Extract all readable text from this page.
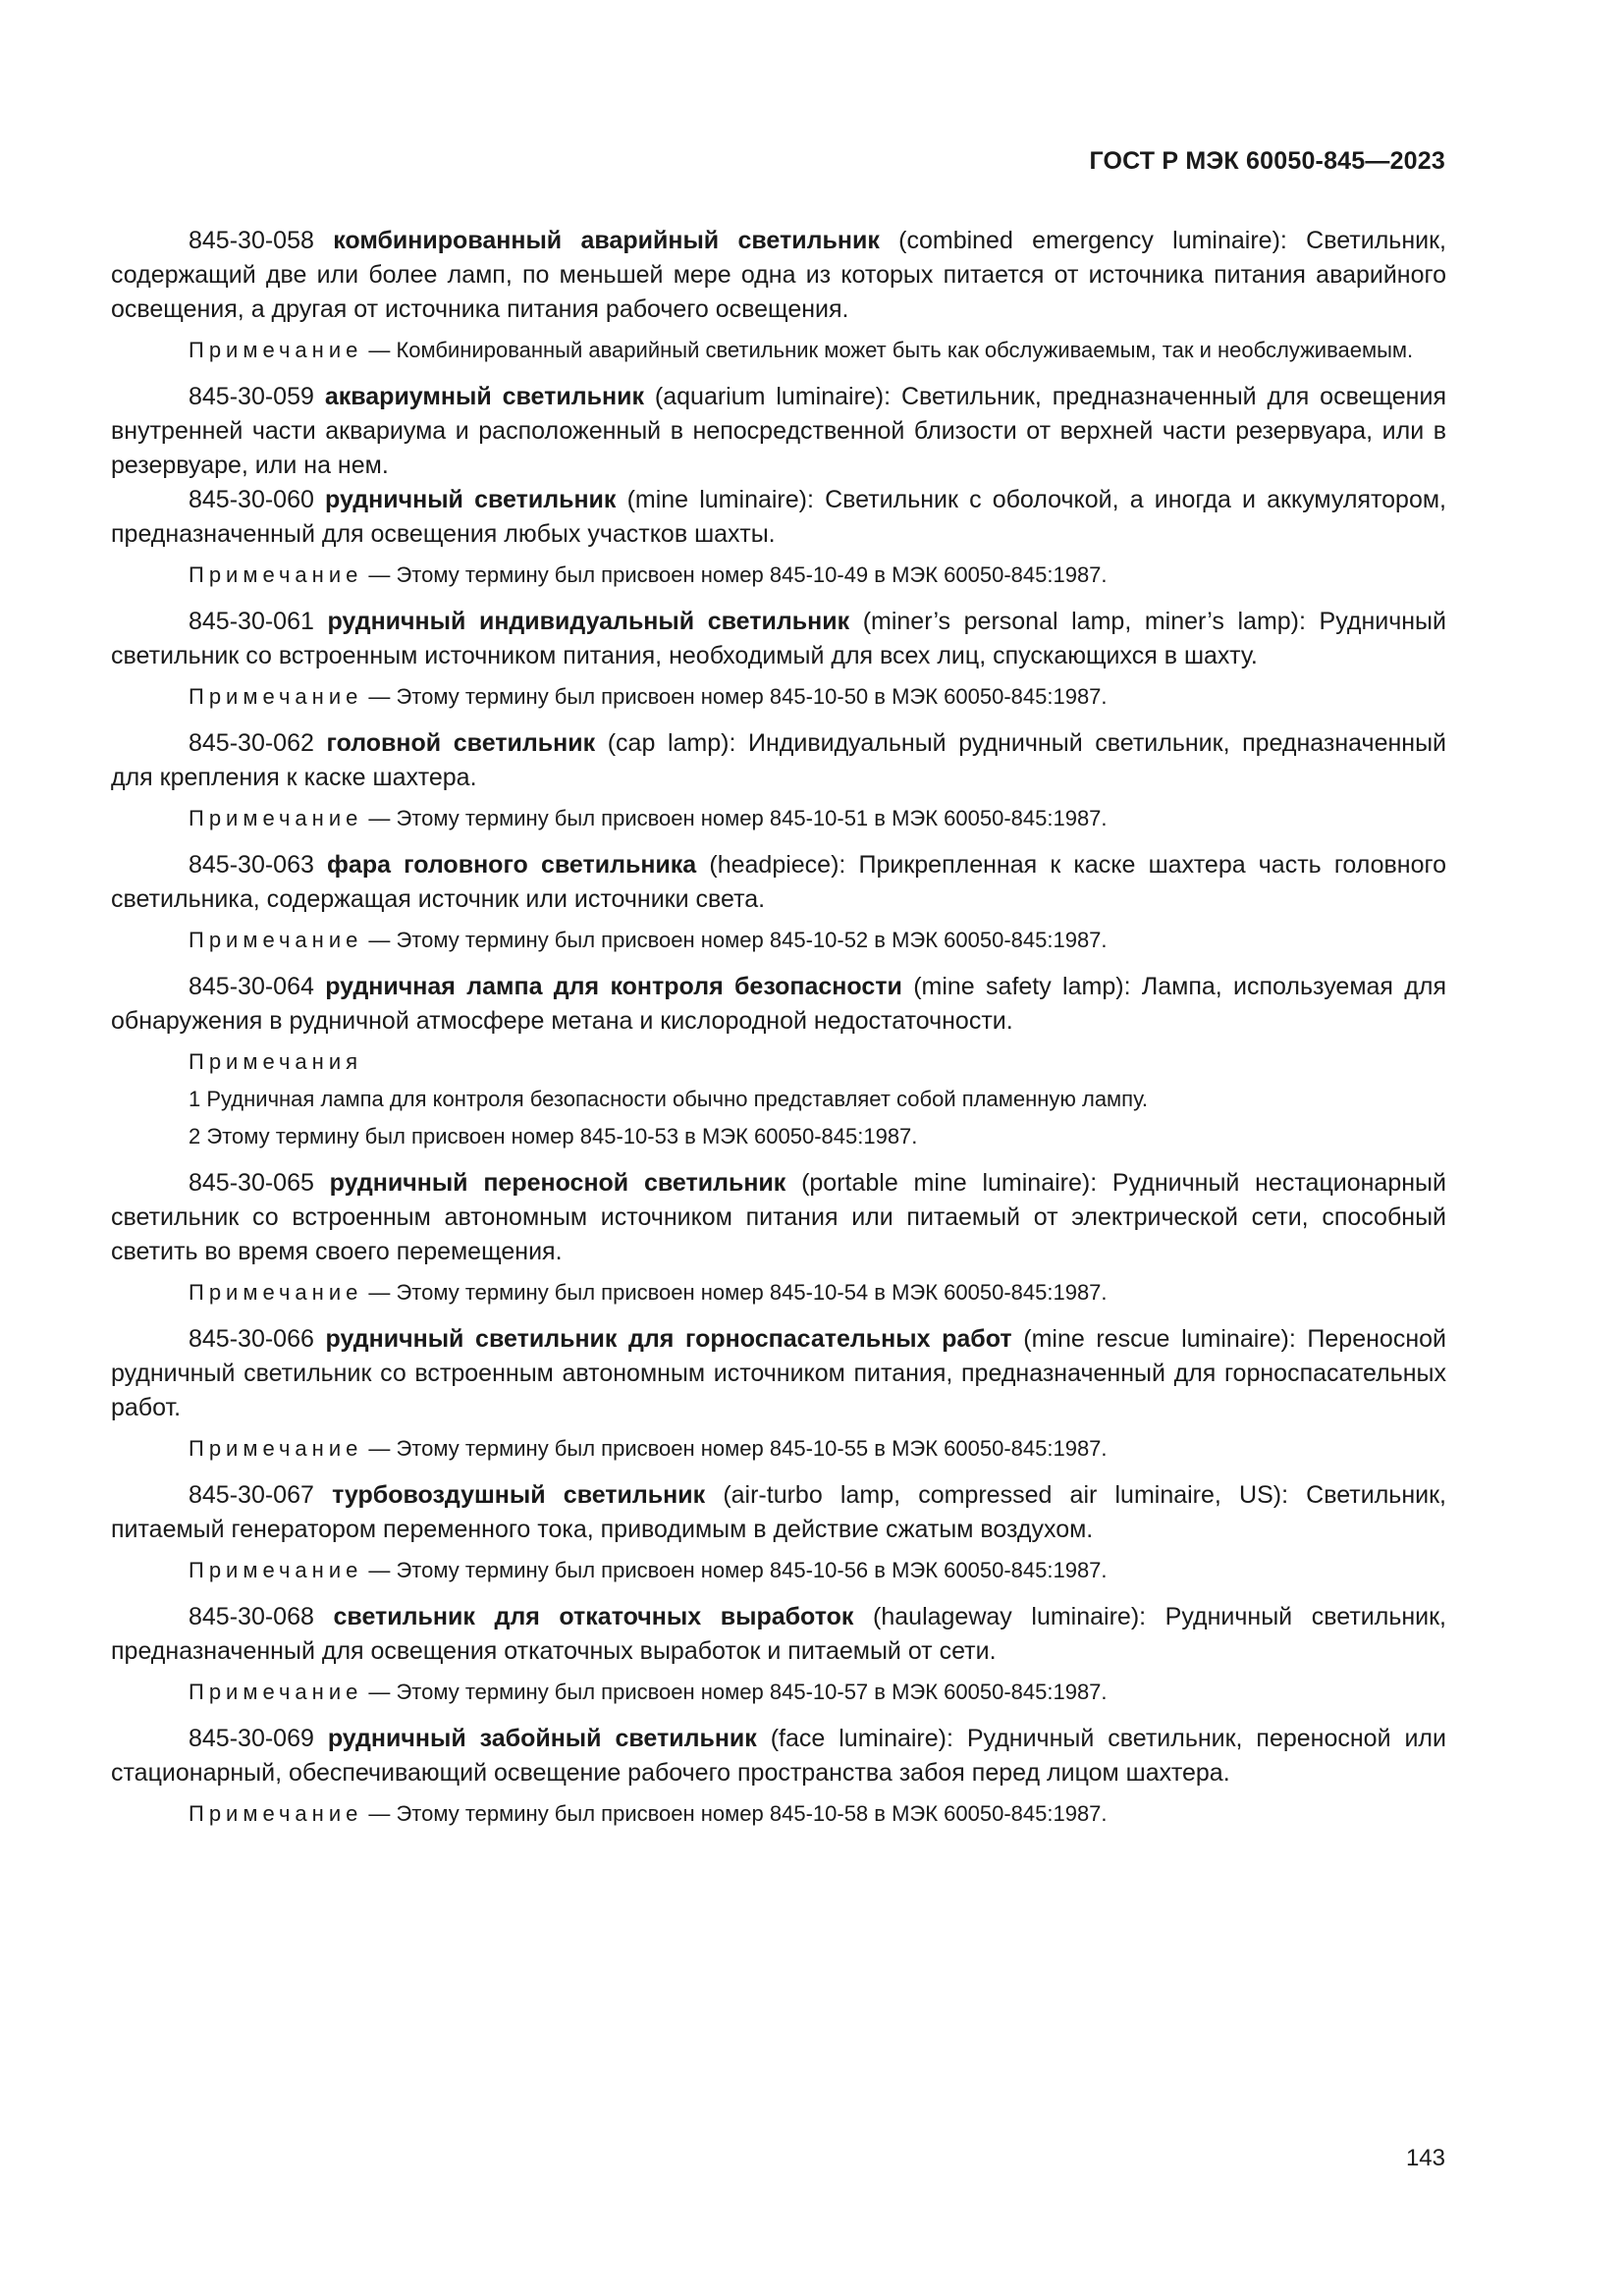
ГОСТ Р МЭК 60050-845—2023

845-30-058 комбинированный аварийный светильник (combined emergency luminaire): Светильник, содержащий две или более ламп, по меньшей мере одна из которых питается от источника питания аварийного освещения, а другая от источника питания рабочего освещения.

Примечание — Комбинированный аварийный светильник может быть как обслуживаемым, так и необслуживаемым.

845-30-059 аквариумный светильник (aquarium luminaire): Светильник, предназначенный для освещения внутренней части аквариума и расположенный в непосредственной близости от верхней части резервуара, или в резервуаре, или на нем.

845-30-060 рудничный светильник (mine luminaire): Светильник с оболочкой, а иногда и аккумулятором, предназначенный для освещения любых участков шахты.

Примечание — Этому термину был присвоен номер 845-10-49 в МЭК 60050-845:1987.

845-30-061 рудничный индивидуальный светильник (miner’s personal lamp, miner’s lamp): Рудничный светильник со встроенным источником питания, необходимый для всех лиц, спускающихся в шахту.

Примечание — Этому термину был присвоен номер 845-10-50 в МЭК 60050-845:1987.

845-30-062 головной светильник (cap lamp): Индивидуальный рудничный светильник, предназначенный для крепления к каске шахтера.

Примечание — Этому термину был присвоен номер 845-10-51 в МЭК 60050-845:1987.

845-30-063 фара головного светильника (headpiece): Прикрепленная к каске шахтера часть головного светильника, содержащая источник или источники света.

Примечание — Этому термину был присвоен номер 845-10-52 в МЭК 60050-845:1987.

845-30-064 рудничная лампа для контроля безопасности (mine safety lamp): Лампа, используемая для обнаружения в рудничной атмосфере метана и кислородной недостаточности.

Примечания

1 Рудничная лампа для контроля безопасности обычно представляет собой пламенную лампу.

2 Этому термину был присвоен номер 845-10-53 в МЭК 60050-845:1987.

845-30-065 рудничный переносной светильник (portable mine luminaire): Рудничный нестационарный светильник со встроенным автономным источником питания или питаемый от электрической сети, способный светить во время своего перемещения.

Примечание — Этому термину был присвоен номер 845-10-54 в МЭК 60050-845:1987.

845-30-066 рудничный светильник для горноспасательных работ (mine rescue luminaire): Переносной рудничный светильник со встроенным автономным источником питания, предназначенный для горноспасательных работ.

Примечание — Этому термину был присвоен номер 845-10-55 в МЭК 60050-845:1987.

845-30-067 турбовоздушный светильник (air-turbo lamp, compressed air luminaire, US): Светильник, питаемый генератором переменного тока, приводимым в действие сжатым воздухом.

Примечание — Этому термину был присвоен номер 845-10-56 в МЭК 60050-845:1987.

845-30-068 светильник для откаточных выработок (haulageway luminaire): Рудничный светильник, предназначенный для освещения откаточных выработок и питаемый от сети.

Примечание — Этому термину был присвоен номер 845-10-57 в МЭК 60050-845:1987.

845-30-069 рудничный забойный светильник (face luminaire): Рудничный светильник, переносной или стационарный, обеспечивающий освещение рабочего пространства забоя перед лицом шахтера.

Примечание — Этому термину был присвоен номер 845-10-58 в МЭК 60050-845:1987.

143
